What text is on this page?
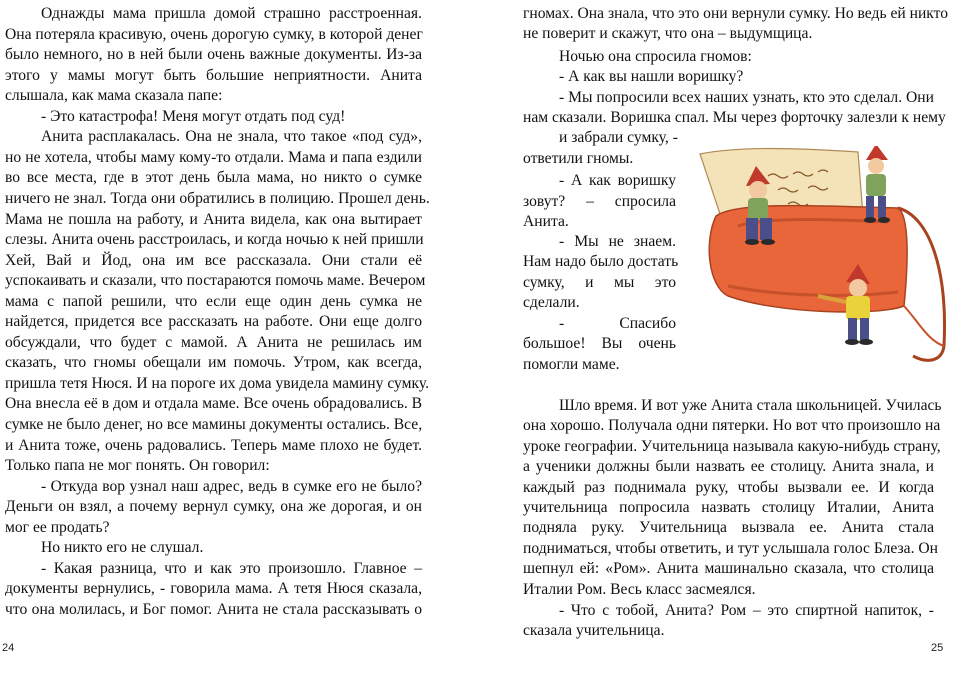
24

Однажды мама пришла домой страшно расстроенная.

Она потеряла красивую, очень дорогую сумку, в которой денег

было немного, но в ней были очень важные документы. Из-за

этого у мамы могут быть большие неприятности. Анита

слышала, как мама сказала папе:

- Это катастрофа! Меня могут отдать под суд!

Анита расплакалась. Она не знала, что такое «под суд»,

но не хотела, чтобы маму кому-то отдали. Мама и папа ездили

во все места, где в этот день была мама, но никто о сумке

ничего не знал. Тогда они обратились в полицию. Прошел день.

Мама не пошла на работу, и Анита видела, как она вытирает

слезы. Анита очень расстроилась, и когда ночью к ней пришли

Хей, Вай и Йод, она им все рассказала. Они стали её

успокаивать и сказали, что постараются помочь маме. Вечером

мама с папой решили, что если еще один день сумка не

найдется, придется все рассказать на работе. Они еще долго

обсуждали, что будет с мамой. А Анита не решилась им

сказать, что гномы обещали им помочь. Утром, как всегда,

пришла тетя Нюся. И на пороге их дома увидела мамину сумку.

Она внесла её в дом и отдала маме. Все очень обрадовались. В

сумке не было денег, но все мамины документы остались. Все,

и Анита тоже, очень радовались. Теперь маме плохо не будет.

Только папа не мог понять. Он говорил:

- Откуда вор узнал наш адрес, ведь в сумке его не было?

Деньги он взял, а почему вернул сумку, она же дорогая, и он

мог ее продать?

Но никто его не слушал.

- Какая разница, что и как это произошло. Главное –

документы вернулись, - говорила мама. А тетя Нюся сказала,

что она молилась, и Бог помог. Анита не стала рассказывать о

25

гномах. Она знала, что это они вернули сумку. Но ведь ей никто

не поверит и скажут, что она – выдумщица.

Ночью она спросила гномов:

- А как вы нашли воришку?

- Мы попросили всех наших узнать, кто это сделал. Они

нам сказали. Воришка спал. Мы через форточку залезли к нему

и забрали сумку, -

ответили гномы.

- А как воришку

зовут? – спросила

Анита.

- Мы не знаем.

Нам надо было достать

сумку, и мы это

сделали.

- Спасибо

большое! Вы очень

помогли маме.

Шло время. И вот уже Анита стала школьницей. Училась

она хорошо. Получала одни пятерки. Но вот что произошло на

уроке географии. Учительница называла какую-нибудь страну,

а ученики должны были назвать ее столицу. Анита знала, и

каждый раз поднимала руку, чтобы вызвали ее. И когда

учительница попросила назвать столицу Италии, Анита

подняла руку. Учительница вызвала ее. Анита стала

подниматься, чтобы ответить, и тут услышала голос Блеза. Он

шепнул ей: «Ром». Анита машинально сказала, что столица

Италии Ром. Весь класс засмеялся.

- Что с тобой, Анита? Ром – это спиртной напиток, -

сказала учительница.
